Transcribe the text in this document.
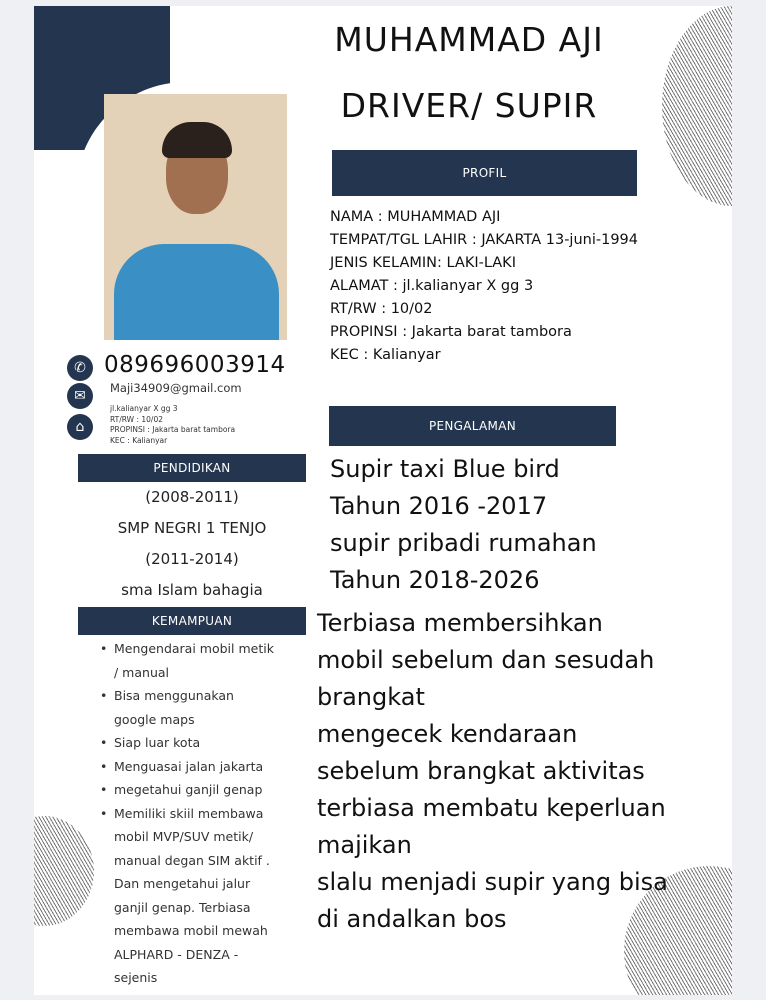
MUHAMMAD AJI
DRIVER/ SUPIR
PROFIL
NAMA : MUHAMMAD AJI
TEMPAT/TGL LAHIR : JAKARTA 13-juni-1994
JENIS KELAMIN: LAKI-LAKI
ALAMAT : jl.kalianyar X gg 3
RT/RW : 10/02
PROPINSI : Jakarta barat tambora
KEC : Kalianyar
✆
✉
⌂
089696003914
Maji34909@gmail.com
jl.kalianyar X gg 3
RT/RW : 10/02
PROPINSI : Jakarta barat tambora
KEC : Kalianyar
PENDIDIKAN
(2008-2011)
SMP NEGRI 1 TENJO
(2011-2014)
sma Islam bahagia
KEMAMPUAN
• Mengendarai mobil metik / manual
• Bisa menggunakan google maps
• Siap luar kota
• Menguasai jalan jakarta
• megetahui ganjil genap
• Memiliki skiil membawa mobil MVP/SUV metik/ manual degan SIM aktif . Dan mengetahui jalur ganjil genap. Terbiasa membawa mobil mewah ALPHARD - DENZA - sejenis
PENGALAMAN
Supir taxi Blue bird
Tahun 2016 -2017
supir pribadi rumahan
Tahun 2018-2026
Terbiasa membersihkan
mobil sebelum dan sesudah
brangkat
mengecek kendaraan
sebelum brangkat aktivitas
terbiasa membatu keperluan
majikan
slalu menjadi supir yang bisa
di andalkan bos
